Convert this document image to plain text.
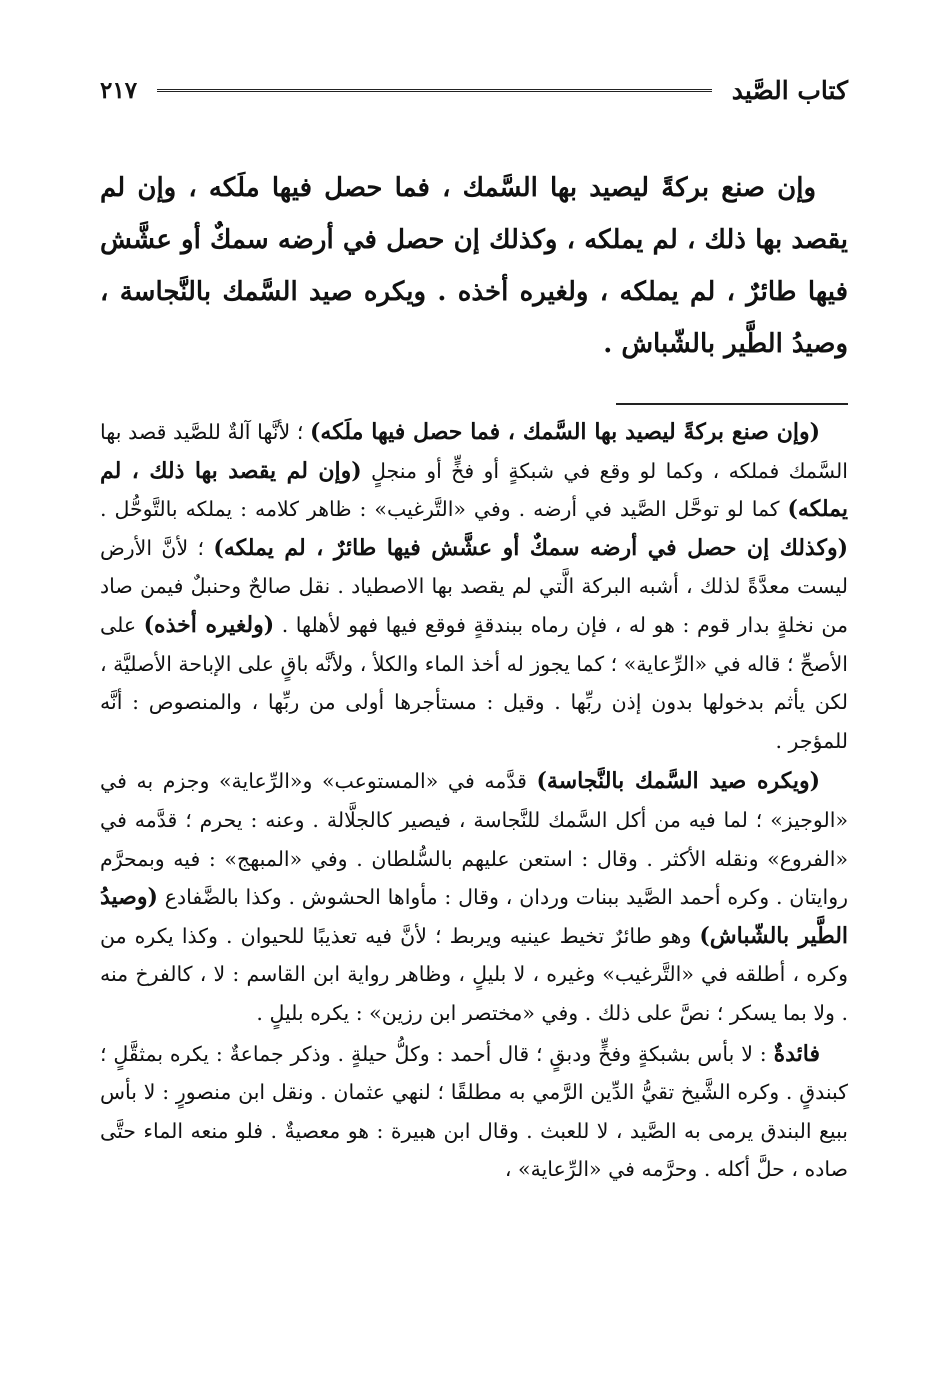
كتاب الصَّيد
٢١٧

وإن صنع بركةً ليصيد بها السَّمك ، فما حصل فيها ملَكه ، وإن لم يقصد بها ذلك ، لم يملكه ، وكذلك إن حصل في أرضه سمكٌ أو عشَّش فيها طائرٌ ، لم يملكه ، ولغيره أخذه . ويكره صيد السَّمك بالنَّجاسة ، وصيدُ الطَّير بالشّباش .

(وإن صنع بركةً ليصيد بها السَّمك ، فما حصل فيها ملَكه) ؛ لأنَّها آلةٌ للصَّيد قصد بها السَّمك فملكه ، وكما لو وقع في شبكةٍ أو فخٍّ أو منجلٍ (وإن لم يقصد بها ذلك ، لم يملكه) كما لو توحَّل الصَّيد في أرضه . وفي «التَّرغيب» : ظاهر كلامه : يملكه بالتَّوحُّل . (وكذلك إن حصل في أرضه سمكٌ أو عشَّش فيها طائرٌ ، لم يملكه) ؛ لأنَّ الأرض ليست معدَّةً لذلك ، أشبه البركة الَّتي لم يقصد بها الاصطياد . نقل صالحٌ وحنبلٌ فيمن صاد من نخلةٍ بدار قوم : هو له ، فإن رماه ببندقةٍ فوقع فيها فهو لأهلها . (ولغيره أخذه) على الأصحِّ ؛ قاله في «الرِّعاية» ؛ كما يجوز له أخذ الماء والكلأ ، ولأنَّه باقٍ على الإباحة الأصليَّة ، لكن يأثم بدخولها بدون إذن ربِّها . وقيل : مستأجرها أولى من ربِّها ، والمنصوص : أنَّه للمؤجر .

(ويكره صيد السَّمك بالنَّجاسة) قدَّمه في «المستوعب» و«الرِّعاية» وجزم به في «الوجيز» ؛ لما فيه من أكل السَّمك للنَّجاسة ، فيصير كالجلَّالة . وعنه : يحرم ؛ قدَّمه في «الفروع» ونقله الأكثر . وقال : استعن عليهم بالسُّلطان . وفي «المبهج» : فيه وبمحرَّم روايتان . وكره أحمد الصَّيد ببنات وردان ، وقال : مأواها الحشوش . وكذا بالضَّفادع (وصيدُ الطَّير بالشّباش) وهو طائرٌ تخيط عينيه ويربط ؛ لأنَّ فيه تعذيبًا للحيوان . وكذا يكره من وكره ، أطلقه في «التَّرغيب» وغيره ، لا بليلٍ ، وظاهر رواية ابن القاسم : لا ، كالفرخ منه . ولا بما يسكر ؛ نصَّ على ذلك . وفي «مختصر ابن رزين» : يكره بليلٍ .

فائدةٌ : لا بأس بشبكةٍ وفخٍّ ودبقٍ ؛ قال أحمد : وكلُّ حيلةٍ . وذكر جماعةٌ : يكره بمثقَّلٍ ؛ كبندقٍ . وكره الشَّيخ تقيُّ الدِّين الرَّمي به مطلقًا ؛ لنهي عثمان . ونقل ابن منصورٍ : لا بأس ببيع البندق يرمى به الصَّيد ، لا للعبث . وقال ابن هبيرة : هو معصيةٌ . فلو منعه الماء حتَّى صاده ، حلَّ أكله . وحرَّمه في «الرِّعاية» ،
